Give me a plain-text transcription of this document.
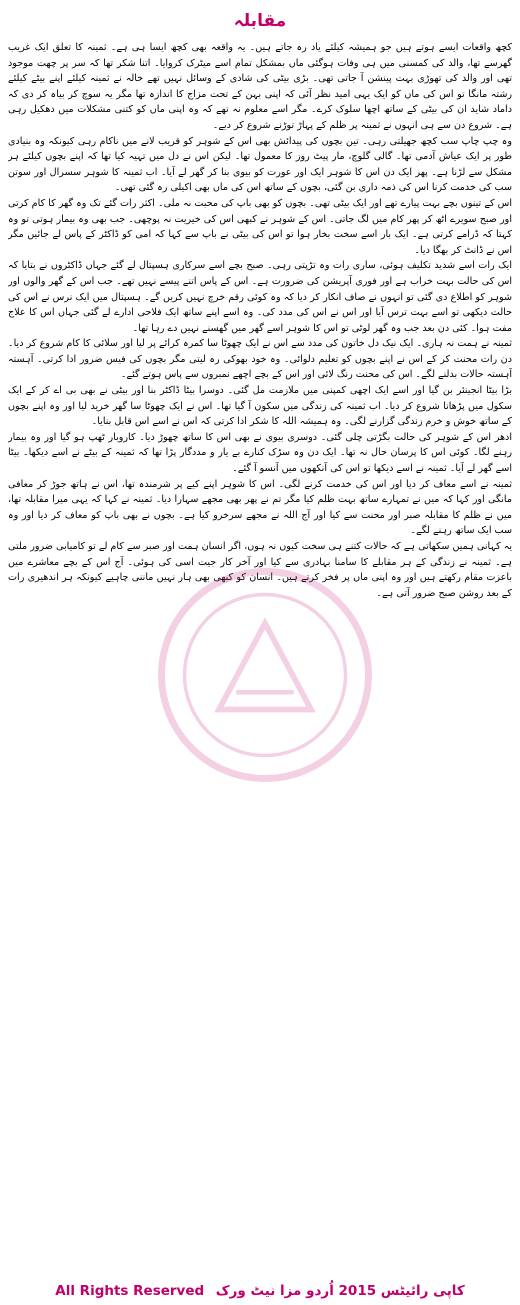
مقابلہ

کچھ واقعات ایسے ہوتے ہیں جو ہمیشہ کیلئے یاد رہ جاتے ہیں۔ یہ واقعہ بھی کچھ ایسا ہی ہے۔ ثمینہ کا تعلق ایک غریب گھرسے تھا، والد کی کمسنی میں ہی وفات ہوگئی ماں بمشکل تمام اسے میٹرک کروایا۔ اتنا شکر تھا کہ سر پر چھت موجود تھی اور والد کی تھوڑی بہت پینشن آ جاتی تھی۔ بڑی بیٹی کی شادی کے وسائل نہیں تھے خالہ نے ثمینہ کیلئے اپنے بیٹے کیلئے رشتہ مانگا تو اس کی ماں کو ایک یہی امید نظر آئی کہ اپنی بہن کے تحت مزاج کا اندازہ تھا مگر یہ سوچ کر بیاہ کر دی کہ داماد شاید ان کی بیٹی کے ساتھ اچھا سلوک کرے۔ مگر اسے معلوم نہ تھے کہ وہ اپنی ماں کو کتنی مشکلات میں دھکیل رہی ہے۔ شروع دن سے ہی انہوں نے ثمینہ پر ظلم کے پہاڑ توڑنے شروع کر دیے۔

وہ چپ چاپ سب کچھ جھیلتی رہی۔ تین بچوں کی پیدائش بھی اس کے شوہر کو قریب لانے میں ناکام رہی کیونکہ وہ بنیادی طور پر ایک عیاش آدمی تھا۔ گالی گلوچ، مار پیٹ روز کا معمول تھا۔ لیکن اس نے دل میں تہیہ کیا تھا کہ اپنے بچوں کیلئے ہر مشکل سے لڑنا ہے۔ پھر ایک دن اس کا شوہر ایک اور عورت کو بیوی بنا کر گھر لے آیا۔ اب ثمینہ کا شوہر سسرال اور سوتن سب کی خدمت کرنا اس کی ذمہ داری بن گئی، بچوں کے ساتھ اس کی ماں بھی اکیلی رہ گئی تھی۔

اس کے تینوں بچے بہت پیارے تھے اور ایک بیٹی تھی۔ بچوں کو بھی باپ کی محبت نہ ملی۔ اکثر رات گئے تک وہ گھر کا کام کرتی اور صبح سویرے اٹھ کر پھر کام میں لگ جاتی۔ اس کے شوہر نے کبھی اس کی خیریت نہ پوچھی۔ جب بھی وہ بیمار ہوتی تو وہ کہتا کہ ڈرامے کرتی ہے۔ ایک بار اسے سخت بخار ہوا تو اس کی بیٹی نے باپ سے کہا کہ امی کو ڈاکٹر کے پاس لے جائیں مگر اس نے ڈانٹ کر بھگا دیا۔

ایک رات اسے شدید تکلیف ہوئی، ساری رات وہ تڑپتی رہی۔ صبح بچے اسے سرکاری ہسپتال لے گئے جہاں ڈاکٹروں نے بتایا کہ اس کی حالت بہت خراب ہے اور فوری آپریشن کی ضرورت ہے۔ اس کے پاس اتنے پیسے نہیں تھے۔ جب اس کے گھر والوں اور شوہر کو اطلاع دی گئی تو انہوں نے صاف انکار کر دیا کہ وہ کوئی رقم خرچ نہیں کریں گے۔ ہسپتال میں ایک نرس نے اس کی حالت دیکھی تو اسے بہت ترس آیا اور اس نے اس کی مدد کی۔ وہ اسے اپنے ساتھ ایک فلاحی ادارے لے گئی جہاں اس کا علاج مفت ہوا۔ کئی دن بعد جب وہ گھر لوٹی تو اس کا شوہر اسے گھر میں گھسنے نہیں دے رہا تھا۔

ثمینہ نے ہمت نہ ہاری۔ ایک نیک دل خاتون کی مدد سے اس نے ایک چھوٹا سا کمرہ کرائے پر لیا اور سلائی کا کام شروع کر دیا۔ دن رات محنت کر کے اس نے اپنے بچوں کو تعلیم دلوائی۔ وہ خود بھوکی رہ لیتی مگر بچوں کی فیس ضرور ادا کرتی۔ آہستہ آہستہ حالات بدلنے لگے۔ اس کی محنت رنگ لائی اور اس کے بچے اچھے نمبروں سے پاس ہوتے گئے۔

بڑا بیٹا انجینئر بن گیا اور اسے ایک اچھی کمپنی میں ملازمت مل گئی۔ دوسرا بیٹا ڈاکٹر بنا اور بیٹی نے بھی بی اے کر کے ایک سکول میں پڑھانا شروع کر دیا۔ اب ثمینہ کی زندگی میں سکون آ گیا تھا۔ اس نے ایک چھوٹا سا گھر خرید لیا اور وہ اپنے بچوں کے ساتھ خوش و خرم زندگی گزارنے لگی۔ وہ ہمیشہ اللہ کا شکر ادا کرتی کہ اس نے اسے اس قابل بنایا۔

ادھر اس کے شوہر کی حالت بگڑتی چلی گئی۔ دوسری بیوی نے بھی اس کا ساتھ چھوڑ دیا۔ کاروبار ٹھپ ہو گیا اور وہ بیمار رہنے لگا۔ کوئی اس کا پرسان حال نہ تھا۔ ایک دن وہ سڑک کنارے بے یار و مددگار پڑا تھا کہ ثمینہ کے بیٹے نے اسے دیکھا۔ بیٹا اسے گھر لے آیا۔ ثمینہ نے اسے دیکھا تو اس کی آنکھوں میں آنسو آ گئے۔

ثمینہ نے اسے معاف کر دیا اور اس کی خدمت کرنے لگی۔ اس کا شوہر اپنے کیے پر شرمندہ تھا، اس نے ہاتھ جوڑ کر معافی مانگی اور کہا کہ میں نے تمہارے ساتھ بہت ظلم کیا مگر تم نے پھر بھی مجھے سہارا دیا۔ ثمینہ نے کہا کہ یہی میرا مقابلہ تھا، میں نے ظلم کا مقابلہ صبر اور محنت سے کیا اور آج اللہ نے مجھے سرخرو کیا ہے۔ بچوں نے بھی باپ کو معاف کر دیا اور وہ سب ایک ساتھ رہنے لگے۔

یہ کہانی ہمیں سکھاتی ہے کہ حالات کتنے ہی سخت کیوں نہ ہوں، اگر انسان ہمت اور صبر سے کام لے تو کامیابی ضرور ملتی ہے۔ ثمینہ نے زندگی کے ہر مقابلے کا سامنا بہادری سے کیا اور آخر کار جیت اسی کی ہوئی۔ آج اس کے بچے معاشرے میں باعزت مقام رکھتے ہیں اور وہ اپنی ماں پر فخر کرتے ہیں۔ انسان کو کبھی بھی ہار نہیں ماننی چاہیے کیونکہ ہر اندھیری رات کے بعد روشن صبح ضرور آتی ہے۔

All Rights Reserved کاپی رائیٹس 2015 اُردو مزا نیٹ ورک
